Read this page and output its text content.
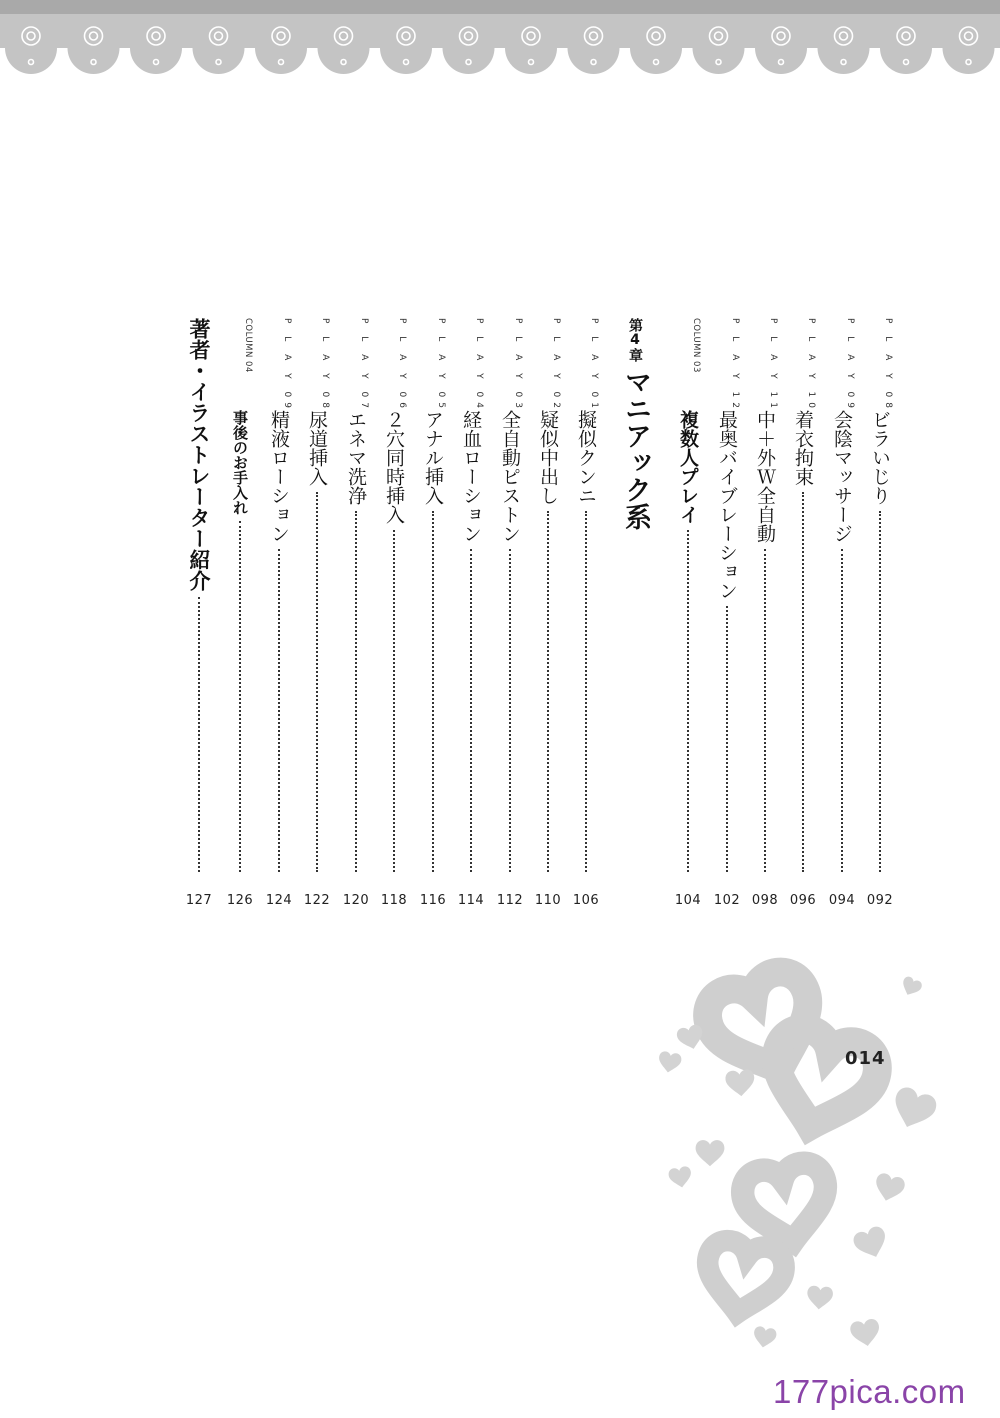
P L A Y 08
ビラいじり
092
P L A Y 09
会陰マッサージ
094
P L A Y 10
着衣拘束
096
P L A Y 11
中＋外Ｗ全自動
098
P L A Y 12
最奥バイブレーション
102
COLUMN 03
複数人プレイ
104
第4章
マニアック系
P L A Y 01
擬似クンニ
106
P L A Y 02
疑似中出し
110
P L A Y 03
全自動ピストン
112
P L A Y 04
経血ローション
114
P L A Y 05
アナル挿入
116
P L A Y 06
２穴同時挿入
118
P L A Y 07
エネマ洗浄
120
P L A Y 08
尿道挿入
122
P L A Y 09
精液ローション
124
COLUMN 04
事後のお手入れ
126
著者・イラストレーター紹介
127
014
177pica.com
